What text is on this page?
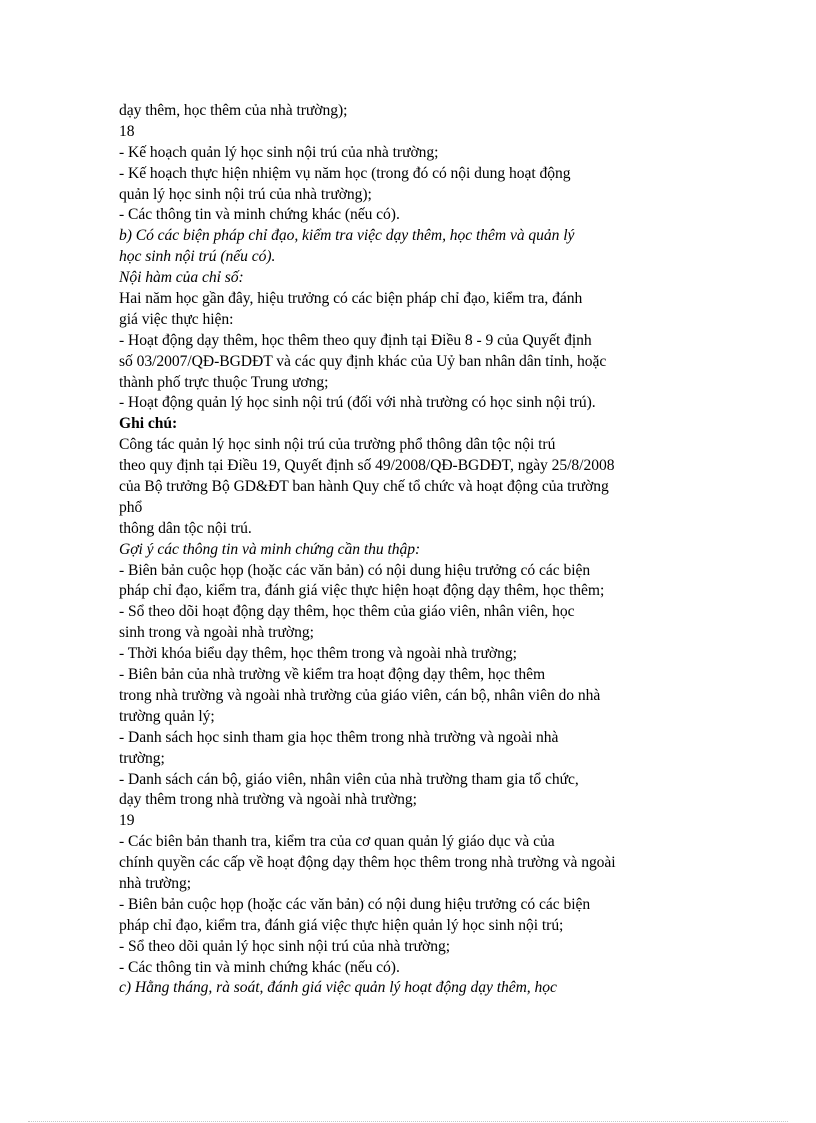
dạy thêm, học thêm của nhà trường);
18
- Kế hoạch quản lý học sinh nội trú của nhà trường;
- Kế hoạch thực hiện nhiệm vụ năm học (trong đó có nội dung hoạt động
quản lý học sinh nội trú của nhà trường);
- Các thông tin và minh chứng khác (nếu có).
b) Có các biện pháp chỉ đạo, kiểm tra việc dạy thêm, học thêm và quản lý
học sinh nội trú (nếu có).
Nội hàm của chỉ số:
Hai năm học gần đây, hiệu trưởng có các biện pháp chỉ đạo, kiểm tra, đánh
giá việc thực hiện:
- Hoạt động dạy thêm, học thêm theo quy định tại Điều 8 - 9 của Quyết định
số 03/2007/QĐ-BGDĐT và các quy định khác của Uỷ ban nhân dân tỉnh, hoặc
thành phố trực thuộc Trung ương;
- Hoạt động quản lý học sinh nội trú (đối với nhà trường có học sinh nội trú).
Ghi chú:
Công tác quản lý học sinh nội trú của trường phổ thông dân tộc nội trú
theo quy định tại Điều 19, Quyết định số 49/2008/QĐ-BGDĐT, ngày 25/8/2008
của Bộ trưởng Bộ GD&ĐT ban hành Quy chế tổ chức và hoạt động của trường
phổ
thông dân tộc nội trú.
Gợi ý các thông tin và minh chứng cần thu thập:
- Biên bản cuộc họp (hoặc các văn bản) có nội dung hiệu trưởng có các biện
pháp chỉ đạo, kiểm tra, đánh giá việc thực hiện hoạt động dạy thêm, học thêm;
- Sổ theo dõi hoạt động dạy thêm, học thêm của giáo viên, nhân viên, học
sinh trong và ngoài nhà trường;
- Thời khóa biểu dạy thêm, học thêm trong và ngoài nhà trường;
- Biên bản của nhà trường về kiểm tra hoạt động dạy thêm, học thêm
trong nhà trường và ngoài nhà trường của giáo viên, cán bộ, nhân viên do nhà
trường quản lý;
- Danh sách học sinh tham gia học thêm trong nhà trường và ngoài nhà
trường;
- Danh sách cán bộ, giáo viên, nhân viên của nhà trường tham gia tổ chức,
dạy thêm trong nhà trường và ngoài nhà trường;
19
- Các biên bản thanh tra, kiểm tra của cơ quan quản lý giáo dục và của
chính quyền các cấp về hoạt động dạy thêm học thêm trong nhà trường và ngoài
nhà trường;
- Biên bản cuộc họp (hoặc các văn bản) có nội dung hiệu trưởng có các biện
pháp chỉ đạo, kiểm tra, đánh giá việc thực hiện quản lý học sinh nội trú;
- Sổ theo dõi quản lý học sinh nội trú của nhà trường;
- Các thông tin và minh chứng khác (nếu có).
c) Hằng tháng, rà soát, đánh giá việc quản lý hoạt động dạy thêm, học
